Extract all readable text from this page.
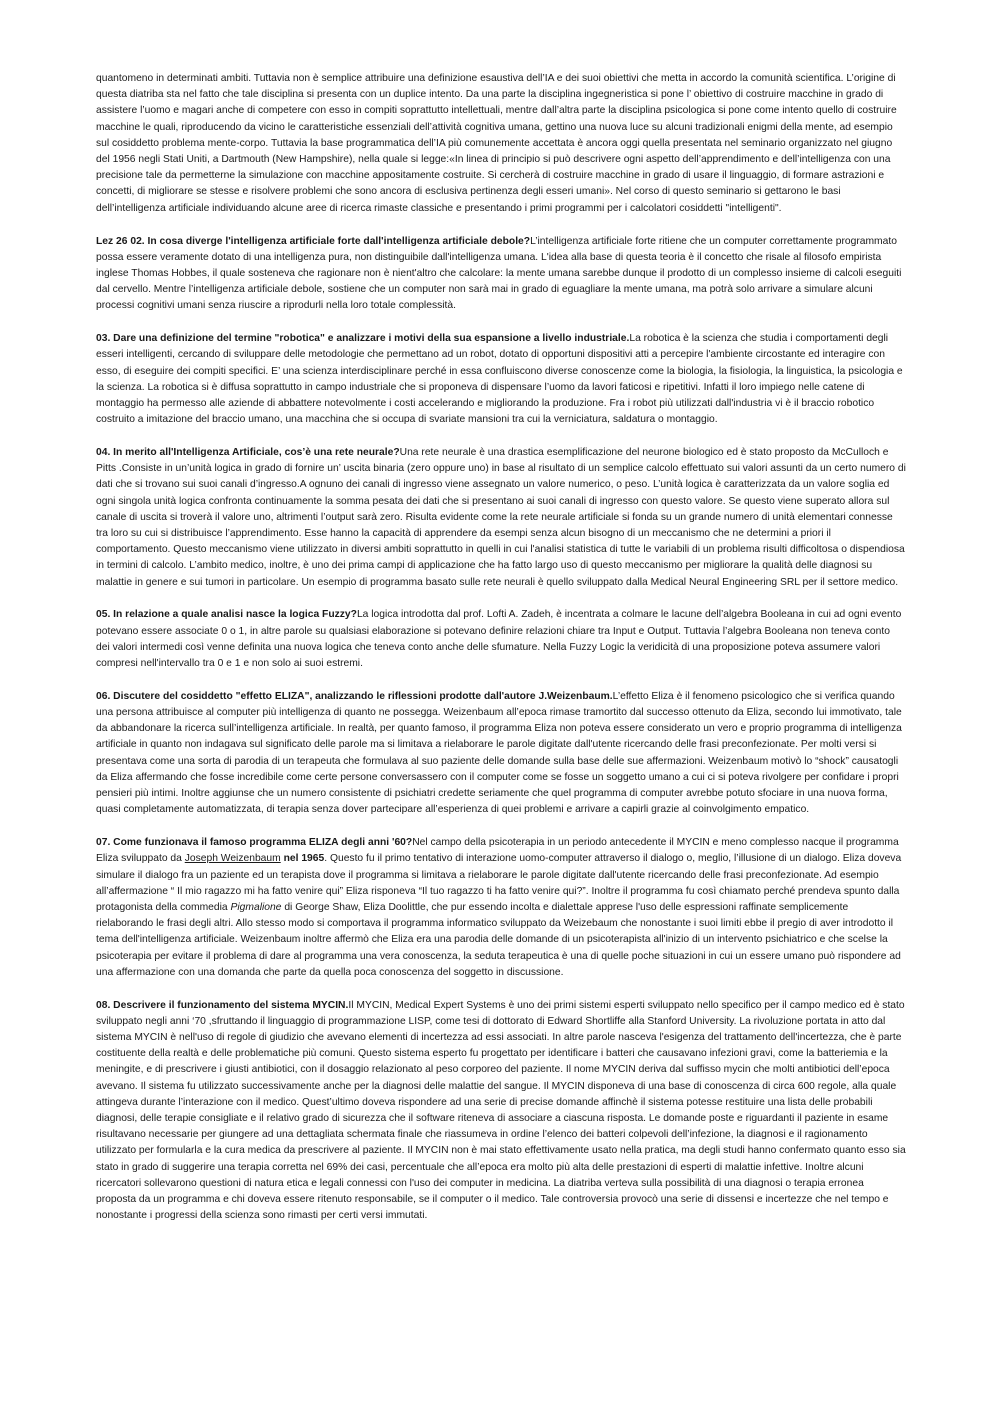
quantomeno in determinati ambiti. Tuttavia non è semplice attribuire una definizione esaustiva dell’IA e dei suoi obiettivi che metta in accordo la comunità scientifica. L’origine di questa diatriba sta nel fatto che tale disciplina si presenta con un duplice intento. Da una parte la disciplina ingegneristica si pone l’ obiettivo di costruire macchine in grado di assistere l’uomo e magari anche di competere con esso in compiti soprattutto intellettuali, mentre dall’altra parte la disciplina psicologica si pone come intento quello di costruire macchine le quali, riproducendo da vicino le caratteristiche essenziali dell’attività cognitiva umana, gettino una nuova luce su alcuni tradizionali enigmi della mente, ad esempio sul cosiddetto problema mente-corpo. Tuttavia la base programmatica dell’IA più comunemente accettata è ancora oggi quella presentata nel seminario organizzato nel giugno del 1956 negli Stati Uniti, a Dartmouth (New Hampshire), nella quale si legge:«In linea di principio si può descrivere ogni aspetto dell’apprendimento e dell’intelligenza con una precisione tale da permetterne la simulazione con macchine appositamente costruite. Si cercherà di costruire macchine in grado di usare il linguaggio, di formare astrazioni e concetti, di migliorare se stesse e risolvere problemi che sono ancora di esclusiva pertinenza degli esseri umani». Nel corso di questo seminario si gettarono le basi dell’intelligenza artificiale individuando alcune aree di ricerca rimaste classiche e presentando i primi programmi per i calcolatori cosiddetti "intelligenti".

Lez 26 02. In cosa diverge l'intelligenza artificiale forte dall'intelligenza artificiale debole?L’intelligenza artificiale forte ritiene che un computer correttamente programmato possa essere veramente dotato di una intelligenza pura, non distinguibile dall'intelligenza umana. L'idea alla base di questa teoria è il concetto che risale al filosofo empirista inglese Thomas Hobbes, il quale sosteneva che ragionare non è nient'altro che calcolare: la mente umana sarebbe dunque il prodotto di un complesso insieme di calcoli eseguiti dal cervello. Mentre l’intelligenza artificiale debole, sostiene che un computer non sarà mai in grado di eguagliare la mente umana, ma potrà solo arrivare a simulare alcuni processi cognitivi umani senza riuscire a riprodurli nella loro totale complessità.

03. Dare una definizione del termine "robotica" e analizzare i motivi della sua espansione a livello industriale.La robotica è la scienza che studia i comportamenti degli esseri intelligenti, cercando di sviluppare delle metodologie che permettano ad un robot, dotato di opportuni dispositivi atti a percepire l'ambiente circostante ed interagire con esso, di eseguire dei compiti specifici. E’ una scienza interdisciplinare perché in essa confluiscono diverse conoscenze come la biologia, la fisiologia, la linguistica, la psicologia e la scienza. La robotica si è diffusa soprattutto in campo industriale che si proponeva di dispensare l’uomo da lavori faticosi e ripetitivi. Infatti il loro impiego nelle catene di montaggio ha permesso alle aziende di abbattere notevolmente i costi accelerando e migliorando la produzione. Fra i robot più utilizzati dall'industria vi è il braccio robotico costruito a imitazione del braccio umano, una macchina che si occupa di svariate mansioni tra cui la verniciatura, saldatura o montaggio.

04. In merito all'Intelligenza Artificiale, cos’è una rete neurale?Una rete neurale è una drastica esemplificazione del neurone biologico ed è stato proposto da McCulloch e Pitts .Consiste in un’unità logica in grado di fornire un’ uscita binaria (zero oppure uno) in base al risultato di un semplice calcolo effettuato sui valori assunti da un certo numero di dati che si trovano sui suoi canali d’ingresso.A ognuno dei canali di ingresso viene assegnato un valore numerico, o peso. L’unità logica è caratterizzata da un valore soglia ed ogni singola unità logica confronta continuamente la somma pesata dei dati che si presentano ai suoi canali di ingresso con questo valore. Se questo viene superato allora sul canale di uscita si troverà il valore uno, altrimenti l’output sarà zero. Risulta evidente come la rete neurale artificiale si fonda su un grande numero di unità elementari connesse tra loro su cui si distribuisce l’apprendimento. Esse hanno la capacità di apprendere da esempi senza alcun bisogno di un meccanismo che ne determini a priori il comportamento. Questo meccanismo viene utilizzato in diversi ambiti soprattutto in quelli in cui l'analisi statistica di tutte le variabili di un problema risulti difficoltosa o dispendiosa in termini di calcolo. L’ambito medico, inoltre, è uno dei prima campi di applicazione che ha fatto largo uso di questo meccanismo per migliorare la qualità delle diagnosi su malattie in genere e sui tumori in particolare. Un esempio di programma basato sulle rete neurali è quello sviluppato dalla Medical Neural Engineering SRL per il settore medico.

05. In relazione a quale analisi nasce la logica Fuzzy?La logica introdotta dal prof. Lofti A. Zadeh, è incentrata a colmare le lacune dell’algebra Booleana in cui ad ogni evento potevano essere associate 0 o 1, in altre parole su qualsiasi elaborazione si potevano definire relazioni chiare tra Input e Output. Tuttavia l’algebra Booleana non teneva conto dei valori intermedi così venne definita una nuova logica che teneva conto anche delle sfumature. Nella Fuzzy Logic la veridicità di una proposizione poteva assumere valori compresi nell'intervallo tra 0 e 1 e non solo ai suoi estremi.

06. Discutere del cosiddetto "effetto ELIZA", analizzando le riflessioni prodotte dall'autore J.Weizenbaum.L’effetto Eliza è il fenomeno psicologico che si verifica quando una persona attribuisce al computer più intelligenza di quanto ne possegga. Weizenbaum all’epoca rimase tramortito dal successo ottenuto da Eliza, secondo lui immotivato, tale da abbandonare la ricerca sull’intelligenza artificiale. In realtà, per quanto famoso, il programma Eliza non poteva essere considerato un vero e proprio programma di intelligenza artificiale in quanto non indagava sul significato delle parole ma si limitava a rielaborare le parole digitate dall'utente ricercando delle frasi preconfezionate. Per molti versi si presentava come una sorta di parodia di un terapeuta che formulava al suo paziente delle domande sulla base delle sue affermazioni. Weizenbaum motivò lo “shock” causatogli da Eliza affermando che fosse incredibile come certe persone conversassero con il computer come se fosse un soggetto umano a cui ci si poteva rivolgere per confidare i propri pensieri più intimi. Inoltre aggiunse che un numero consistente di psichiatri credette seriamente che quel programma di computer avrebbe potuto sfociare in una nuova forma, quasi completamente automatizzata, di terapia senza dover partecipare all’esperienza di quei problemi e arrivare a capirli grazie al coinvolgimento empatico.

07. Come funzionava il famoso programma ELIZA degli anni '60?Nel campo della psicoterapia in un periodo antecedente il MYCIN e meno complesso nacque il programma Eliza sviluppato da Joseph Weizenbaum nel 1965. Questo fu il primo tentativo di interazione uomo-computer attraverso il dialogo o, meglio, l’illusione di un dialogo. Eliza doveva simulare il dialogo fra un paziente ed un terapista dove il programma si limitava a rielaborare le parole digitate dall'utente ricercando delle frasi preconfezionate. Ad esempio all’affermazione “ Il mio ragazzo mi ha fatto venire qui” Eliza risponeva “Il tuo ragazzo ti ha fatto venire qui?”. Inoltre il programma fu così chiamato perché prendeva spunto dalla protagonista della commedia Pigmalione di George Shaw, Eliza Doolittle, che pur essendo incolta e dialettale apprese l'uso delle espressioni raffinate semplicemente rielaborando le frasi degli altri. Allo stesso modo si comportava il programma informatico sviluppato da Weizebaum che nonostante i suoi limiti ebbe il pregio di aver introdotto il tema dell'intelligenza artificiale. Weizenbaum inoltre affermò che Eliza era una parodia delle domande di un psicoterapista all'inizio di un intervento psichiatrico e che scelse la psicoterapia per evitare il problema di dare al programma una vera conoscenza, la seduta terapeutica è una di quelle poche situazioni in cui un essere umano può rispondere ad una affermazione con una domanda che parte da quella poca conoscenza del soggetto in discussione.

08. Descrivere il funzionamento del sistema MYCIN.Il MYCIN, Medical Expert Systems è uno dei primi sistemi esperti sviluppato nello specifico per il campo medico ed è stato sviluppato negli anni ‘70 ,sfruttando il linguaggio di programmazione LISP, come tesi di dottorato di Edward Shortliffe alla Stanford University. La rivoluzione portata in atto dal sistema MYCIN è nell'uso di regole di giudizio che avevano elementi di incertezza ad essi associati. In altre parole nasceva l'esigenza del trattamento dell'incertezza, che è parte costituente della realtà e delle problematiche più comuni. Questo sistema esperto fu progettato per identificare i batteri che causavano infezioni gravi, come la batteriemia e la meningite, e di prescrivere i giusti antibiotici, con il dosaggio relazionato al peso corporeo del paziente. Il nome MYCIN deriva dal suffisso mycin che molti antibiotici dell’epoca avevano. Il sistema fu utilizzato successivamente anche per la diagnosi delle malattie del sangue. Il MYCIN disponeva di una base di conoscenza di circa 600 regole, alla quale attingeva durante l’interazione con il medico. Quest’ultimo doveva rispondere ad una serie di precise domande affinchè il sistema potesse restituire una lista delle probabili diagnosi, delle terapie consigliate e il relativo grado di sicurezza che il software riteneva di associare a ciascuna risposta. Le domande poste e riguardanti il paziente in esame risultavano necessarie per giungere ad una dettagliata schermata finale che riassumeva in ordine l’elenco dei batteri colpevoli dell’infezione, la diagnosi e il ragionamento utilizzato per formularla e la cura medica da prescrivere al paziente. Il MYCIN non è mai stato effettivamente usato nella pratica, ma degli studi hanno confermato quanto esso sia stato in grado di suggerire una terapia corretta nel 69% dei casi, percentuale che all’epoca era molto più alta delle prestazioni di esperti di malattie infettive. Inoltre alcuni ricercatori sollevarono questioni di natura etica e legali connessi con l'uso dei computer in medicina. La diatriba verteva sulla possibilità di una diagnosi o terapia erronea proposta da un programma e chi doveva essere ritenuto responsabile, se il computer o il medico. Tale controversia provocò una serie di dissensi e incertezze che nel tempo e nonostante i progressi della scienza sono rimasti per certi versi immutati.
